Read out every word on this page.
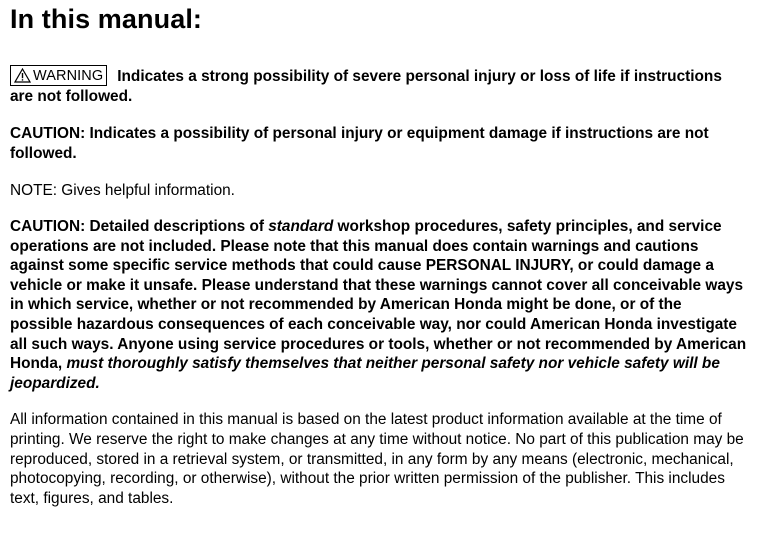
In this manual:

WARNING Indicates a strong possibility of severe personal injury or loss of life if instructions are not followed.

CAUTION: Indicates a possibility of personal injury or equipment damage if instructions are not followed.

NOTE: Gives helpful information.

CAUTION: Detailed descriptions of standard workshop procedures, safety principles, and service operations are not included. Please note that this manual does contain warnings and cautions against some specific service methods that could cause PERSONAL INJURY, or could damage a vehicle or make it unsafe. Please understand that these warnings cannot cover all conceivable ways in which service, whether or not recommended by American Honda might be done, or of the possible hazardous consequences of each conceivable way, nor could American Honda investigate all such ways. Anyone using service procedures or tools, whether or not recommended by American Honda, must thoroughly satisfy themselves that neither personal safety nor vehicle safety will be jeopardized.

All information contained in this manual is based on the latest product information available at the time of printing. We reserve the right to make changes at any time without notice. No part of this publication may be reproduced, stored in a retrieval system, or transmitted, in any form by any means (electronic, mechanical, photocopying, recording, or otherwise), without the prior written permission of the publisher. This includes text, figures, and tables.
